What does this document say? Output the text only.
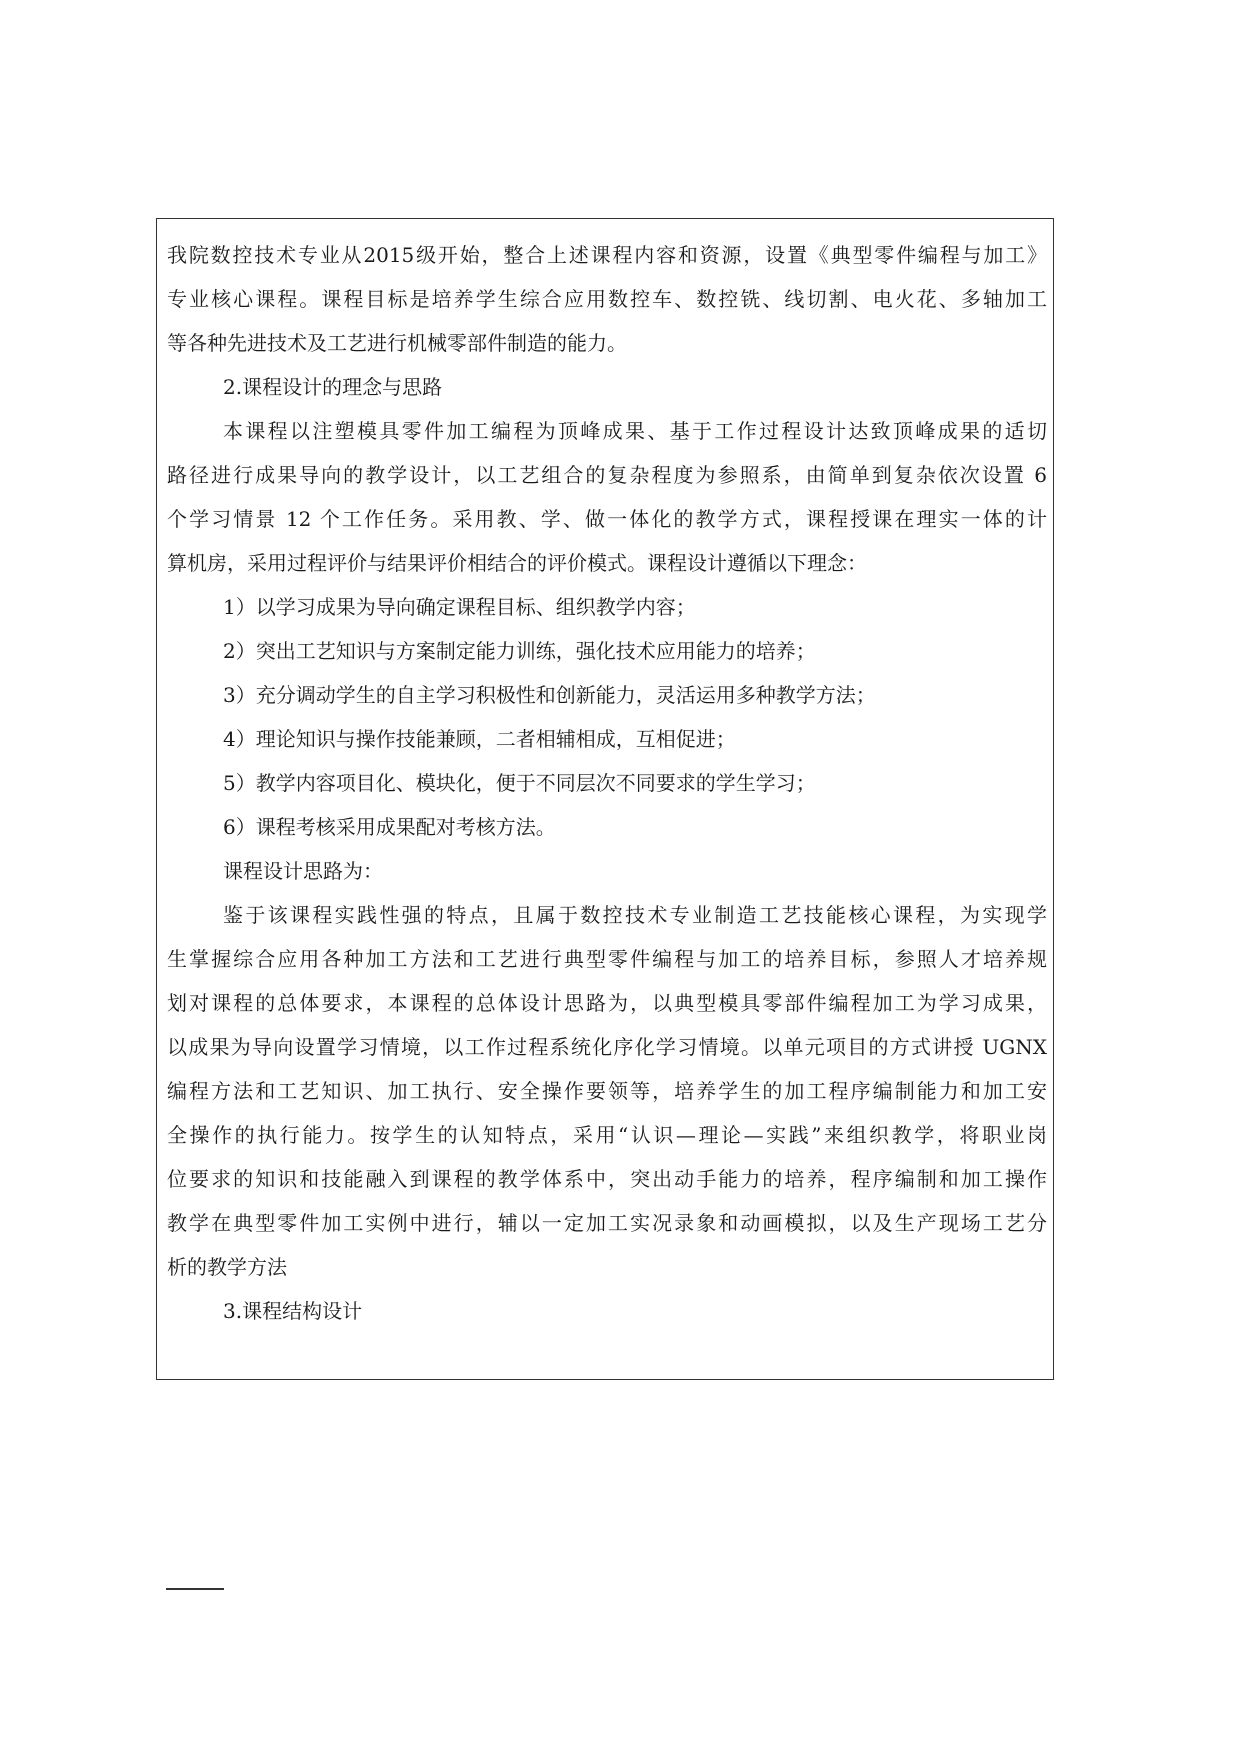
我院数控技术专业从2015级开始，整合上述课程内容和资源，设置《典型零件编程与加工》

专业核心课程。课程目标是培养学生综合应用数控车、数控铣、线切割、电火花、多轴加工

等各种先进技术及工艺进行机械零部件制造的能力。

2.课程设计的理念与思路

本课程以注塑模具零件加工编程为顶峰成果、基于工作过程设计达致顶峰成果的适切

路径进行成果导向的教学设计，以工艺组合的复杂程度为参照系，由简单到复杂依次设置 6

个学习情景 12 个工作任务。采用教、学、做一体化的教学方式，课程授课在理实一体的计

算机房，采用过程评价与结果评价相结合的评价模式。课程设计遵循以下理念：

1）以学习成果为导向确定课程目标、组织教学内容；

2）突出工艺知识与方案制定能力训练，强化技术应用能力的培养；

3）充分调动学生的自主学习积极性和创新能力，灵活运用多种教学方法；

4）理论知识与操作技能兼顾，二者相辅相成，互相促进；

5）教学内容项目化、模块化，便于不同层次不同要求的学生学习；

6）课程考核采用成果配对考核方法。

课程设计思路为：

鉴于该课程实践性强的特点，且属于数控技术专业制造工艺技能核心课程，为实现学

生掌握综合应用各种加工方法和工艺进行典型零件编程与加工的培养目标，参照人才培养规

划对课程的总体要求，本课程的总体设计思路为，以典型模具零部件编程加工为学习成果，

以成果为导向设置学习情境，以工作过程系统化序化学习情境。以单元项目的方式讲授 UGNX

编程方法和工艺知识、加工执行、安全操作要领等，培养学生的加工程序编制能力和加工安

全操作的执行能力。按学生的认知特点，采用“认识—理论—实践”来组织教学，将职业岗

位要求的知识和技能融入到课程的教学体系中，突出动手能力的培养，程序编制和加工操作

教学在典型零件加工实例中进行，辅以一定加工实况录象和动画模拟，以及生产现场工艺分

析的教学方法

3.课程结构设计
